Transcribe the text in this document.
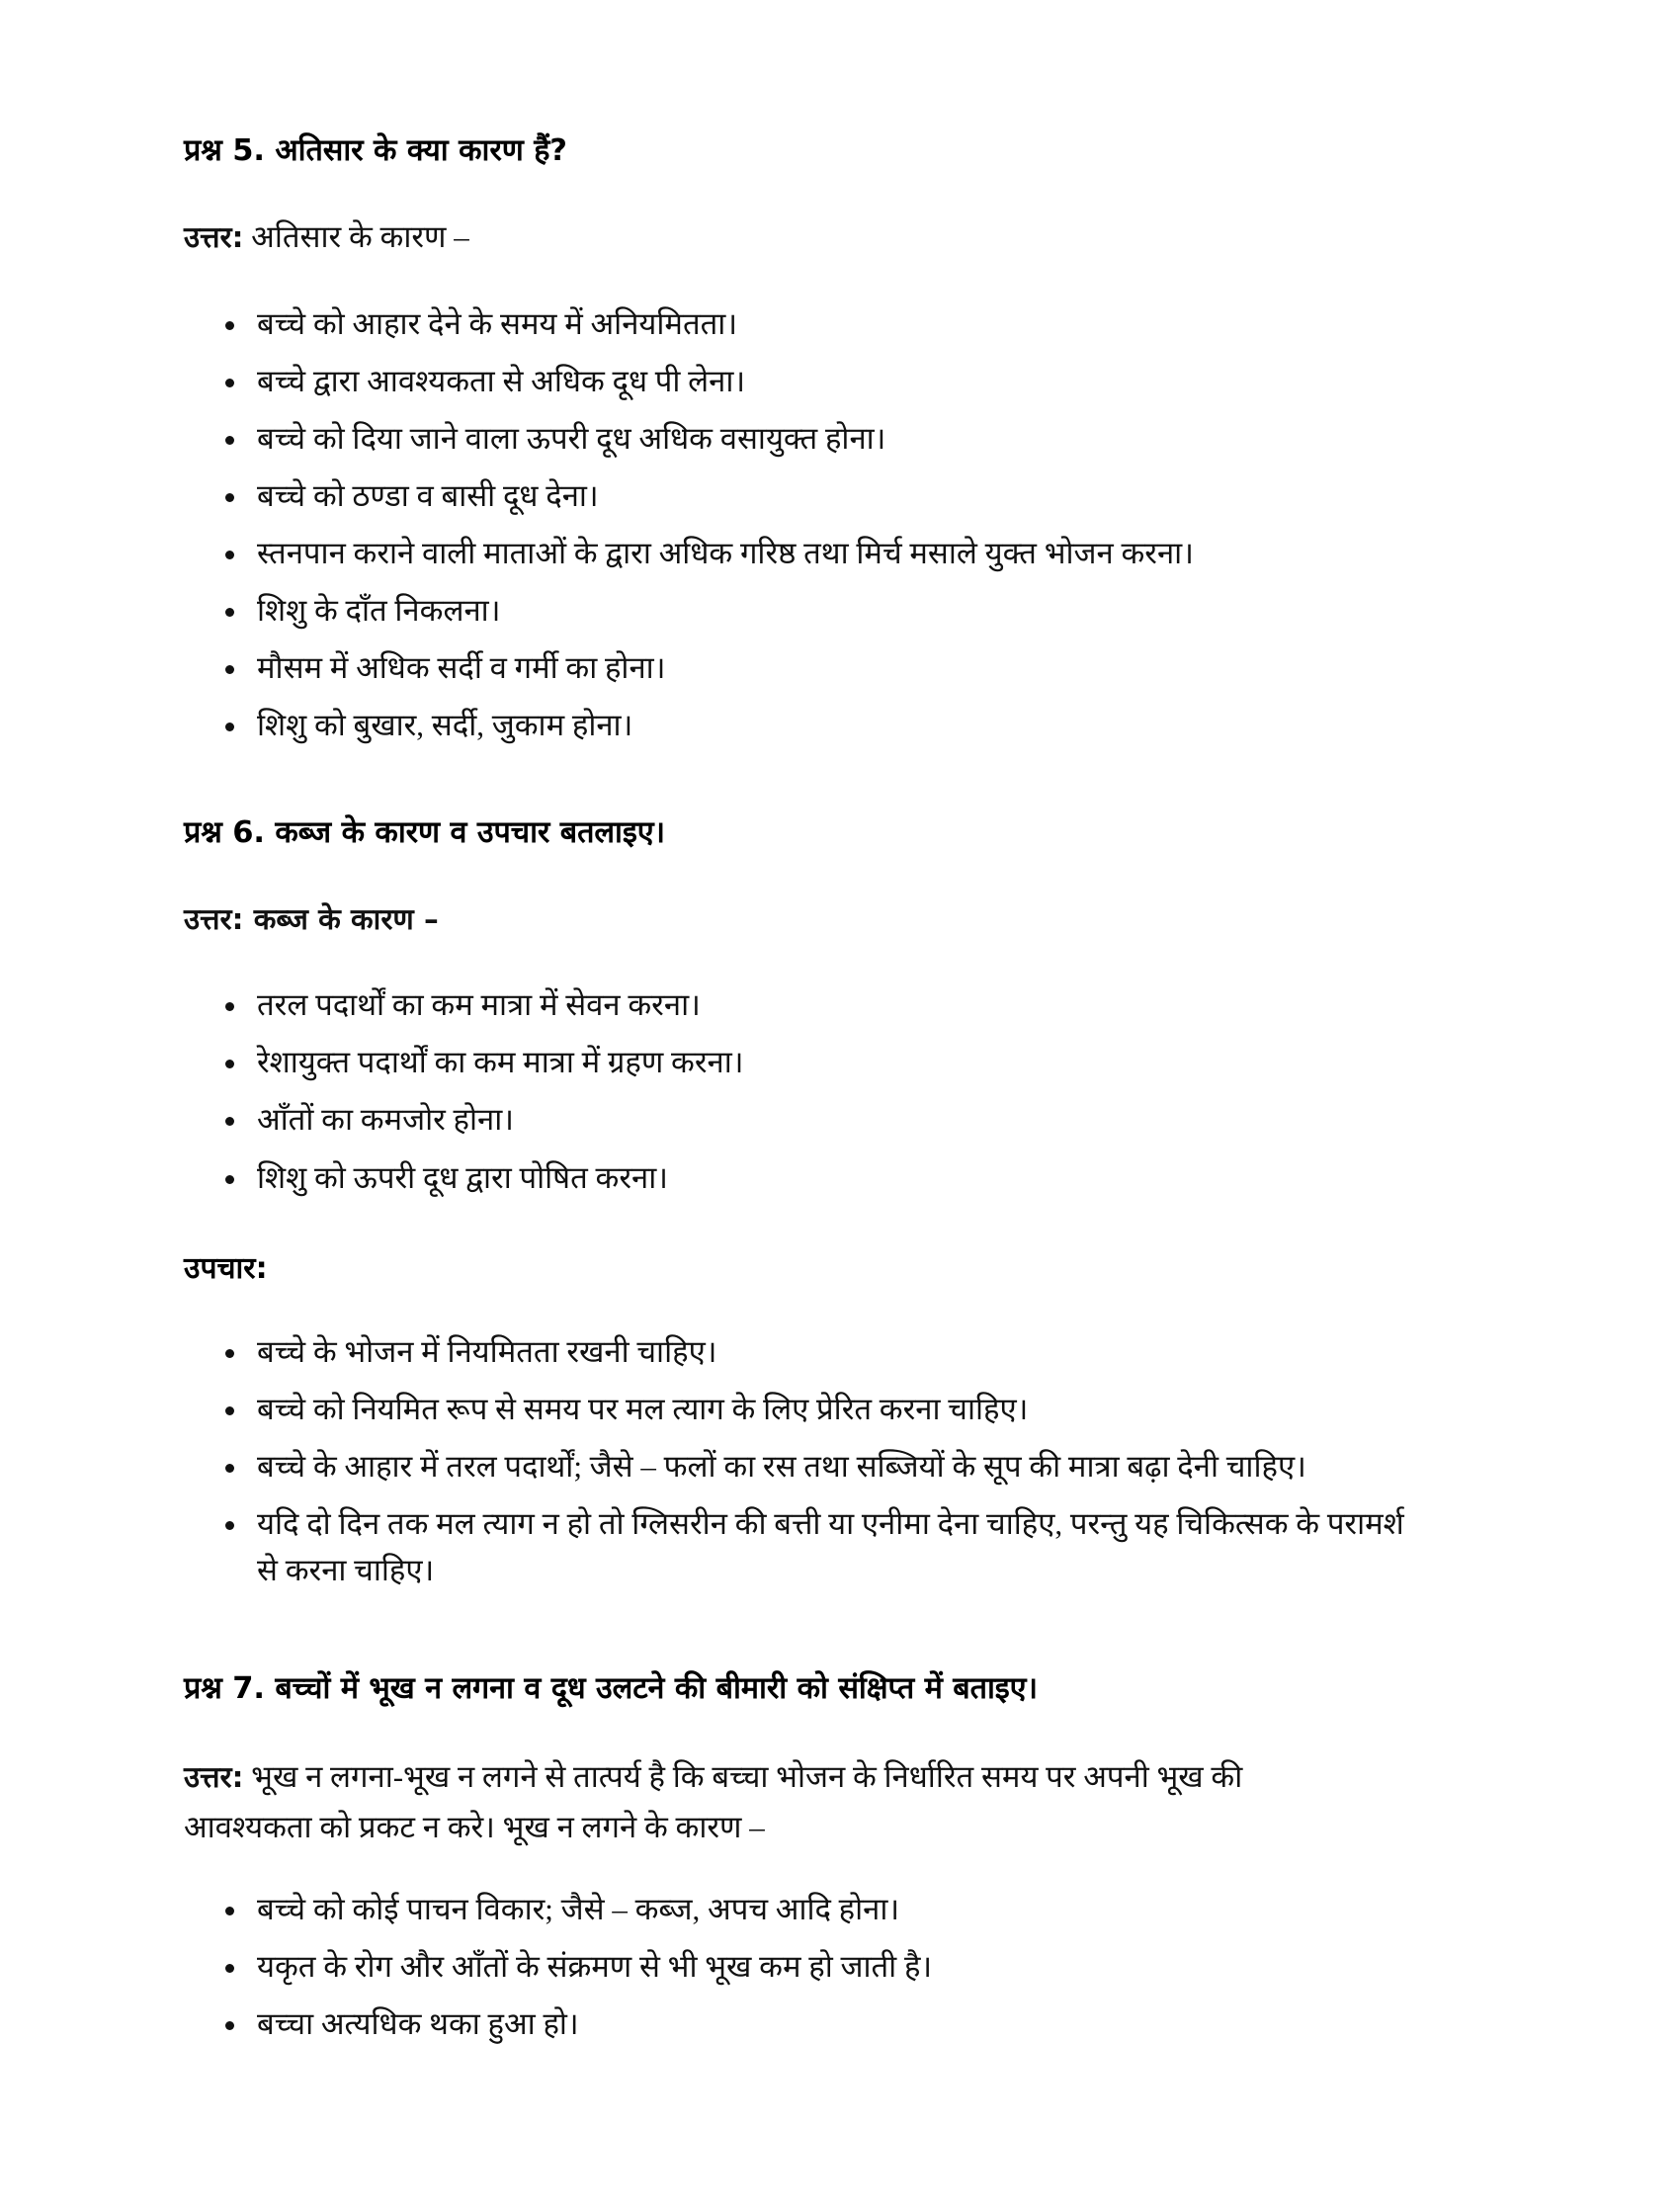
प्रश्न 5. अतिसार के क्या कारण हैं?

उत्तर: अतिसार के कारण –

बच्चे को आहार देने के समय में अनियमितता।
बच्चे द्वारा आवश्यकता से अधिक दूध पी लेना।
बच्चे को दिया जाने वाला ऊपरी दूध अधिक वसायुक्त होना।
बच्चे को ठण्डा व बासी दूध देना।
स्तनपान कराने वाली माताओं के द्वारा अधिक गरिष्ठ तथा मिर्च मसाले युक्त भोजन करना।
शिशु के दाँत निकलना।
मौसम में अधिक सर्दी व गर्मी का होना।
शिशु को बुखार, सर्दी, जुकाम होना।
प्रश्न 6. कब्ज के कारण व उपचार बतलाइए।

उत्तर: कब्ज के कारण –

तरल पदार्थों का कम मात्रा में सेवन करना।
रेशायुक्त पदार्थों का कम मात्रा में ग्रहण करना।
आँतों का कमजोर होना।
शिशु को ऊपरी दूध द्वारा पोषित करना।
उपचार:
बच्चे के भोजन में नियमितता रखनी चाहिए।
बच्चे को नियमित रूप से समय पर मल त्याग के लिए प्रेरित करना चाहिए।
बच्चे के आहार में तरल पदार्थों; जैसे – फलों का रस तथा सब्जियों के सूप की मात्रा बढ़ा देनी चाहिए।
यदि दो दिन तक मल त्याग न हो तो ग्लिसरीन की बत्ती या एनीमा देना चाहिए, परन्तु यह चिकित्सक के परामर्श से करना चाहिए।
प्रश्न 7. बच्चों में भूख न लगना व दूध उलटने की बीमारी को संक्षिप्त में बताइए।

उत्तर: भूख न लगना-भूख न लगने से तात्पर्य है कि बच्चा भोजन के निर्धारित समय पर अपनी भूख की आवश्यकता को प्रकट न करे। भूख न लगने के कारण –

बच्चे को कोई पाचन विकार; जैसे – कब्ज, अपच आदि होना।
यकृत के रोग और आँतों के संक्रमण से भी भूख कम हो जाती है।
बच्चा अत्यधिक थका हुआ हो।
